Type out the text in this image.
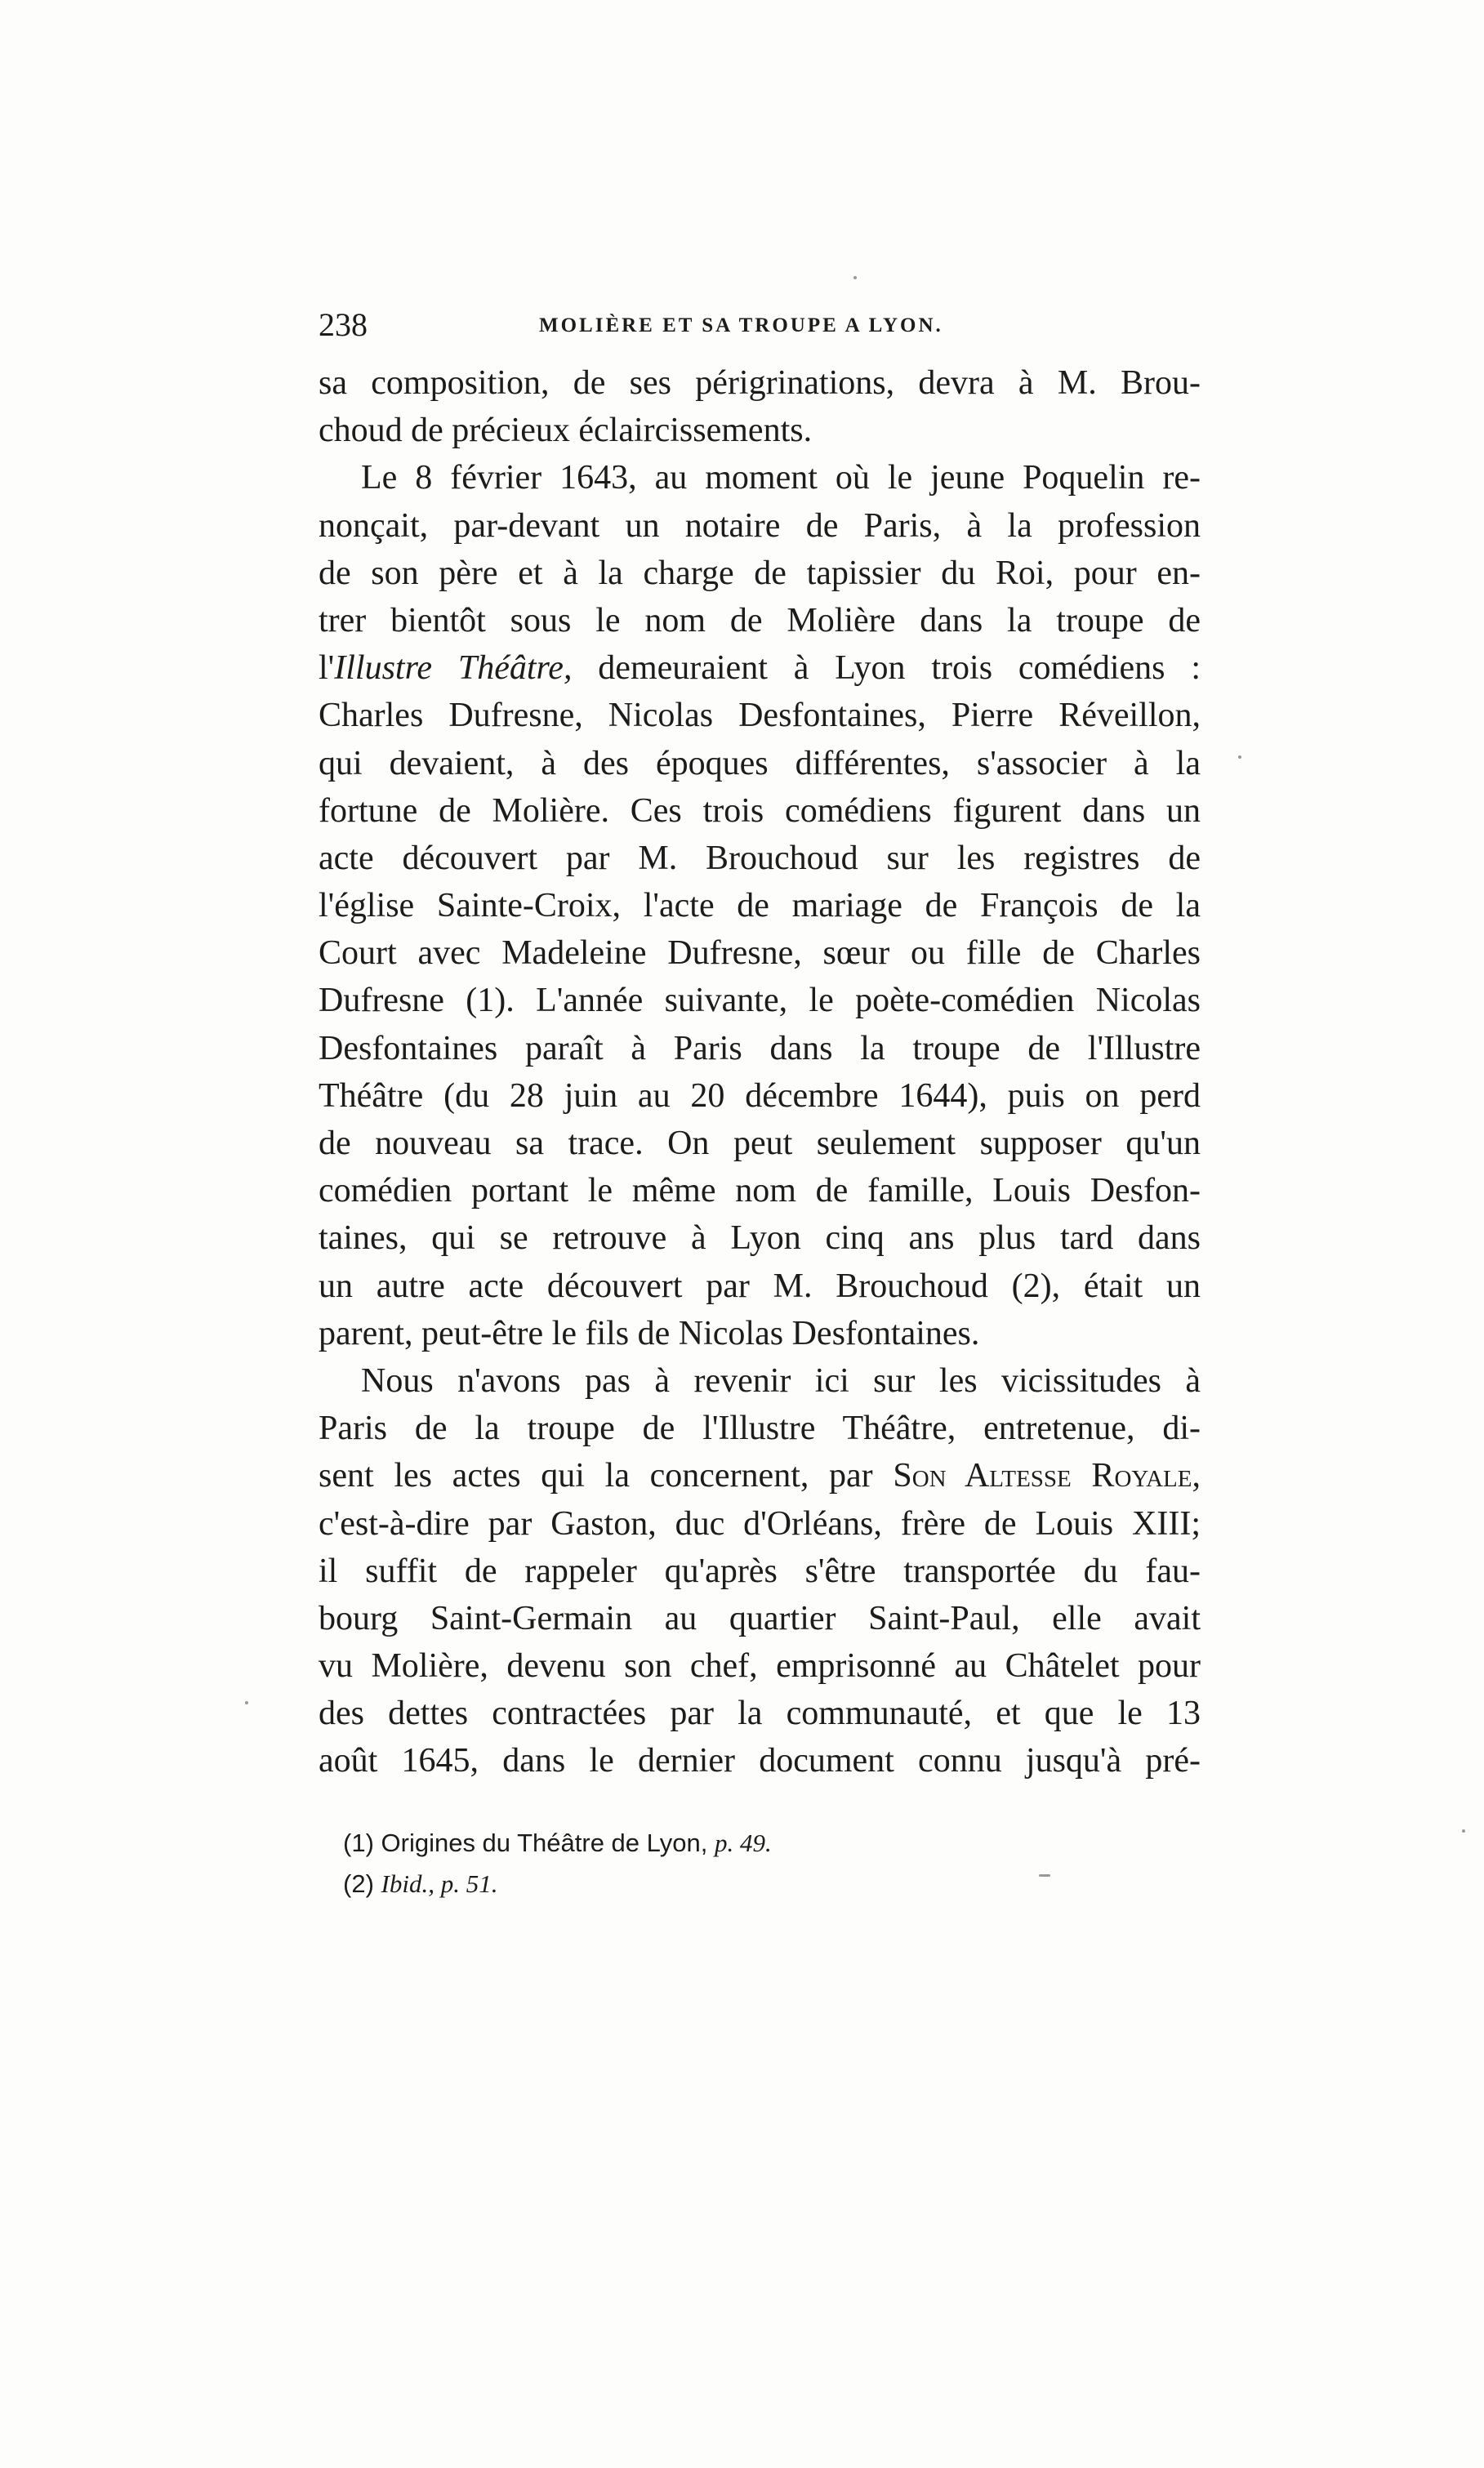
238	MOLIÈRE ET SA TROUPE A LYON.
sa composition, de ses périgrinations, devra à M. Brou-
choud de précieux éclaircissements.
Le 8 février 1643, au moment où le jeune Poquelin re-
nonçait, par-devant un notaire de Paris, à la profession
de son père et à la charge de tapissier du Roi, pour en-
trer bientôt sous le nom de Molière dans la troupe de
l'Illustre Théâtre, demeuraient à Lyon trois comédiens :
Charles Dufresne, Nicolas Desfontaines, Pierre Réveillon,
qui devaient, à des époques différentes, s'associer à la
fortune de Molière. Ces trois comédiens figurent dans un
acte découvert par M. Brouchoud sur les registres de
l'église Sainte-Croix, l'acte de mariage de François de la
Court avec Madeleine Dufresne, sœur ou fille de Charles
Dufresne (1). L'année suivante, le poète-comédien Nicolas
Desfontaines paraît à Paris dans la troupe de l'Illustre
Théâtre (du 28 juin au 20 décembre 1644), puis on perd
de nouveau sa trace. On peut seulement supposer qu'un
comédien portant le même nom de famille, Louis Desfon-
taines, qui se retrouve à Lyon cinq ans plus tard dans
un autre acte découvert par M. Brouchoud (2), était un
parent, peut-être le fils de Nicolas Desfontaines.
Nous n'avons pas à revenir ici sur les vicissitudes à
Paris de la troupe de l'Illustre Théâtre, entretenue, di-
sent les actes qui la concernent, par Son Altesse Royale,
c'est-à-dire par Gaston, duc d'Orléans, frère de Louis XIII;
il suffit de rappeler qu'après s'être transportée du fau-
bourg Saint-Germain au quartier Saint-Paul, elle avait
vu Molière, devenu son chef, emprisonné au Châtelet pour
des dettes contractées par la communauté, et que le 13
août 1645, dans le dernier document connu jusqu'à pré-
(1) Origines du Théâtre de Lyon, p. 49.
(2) Ibid., p. 51.
